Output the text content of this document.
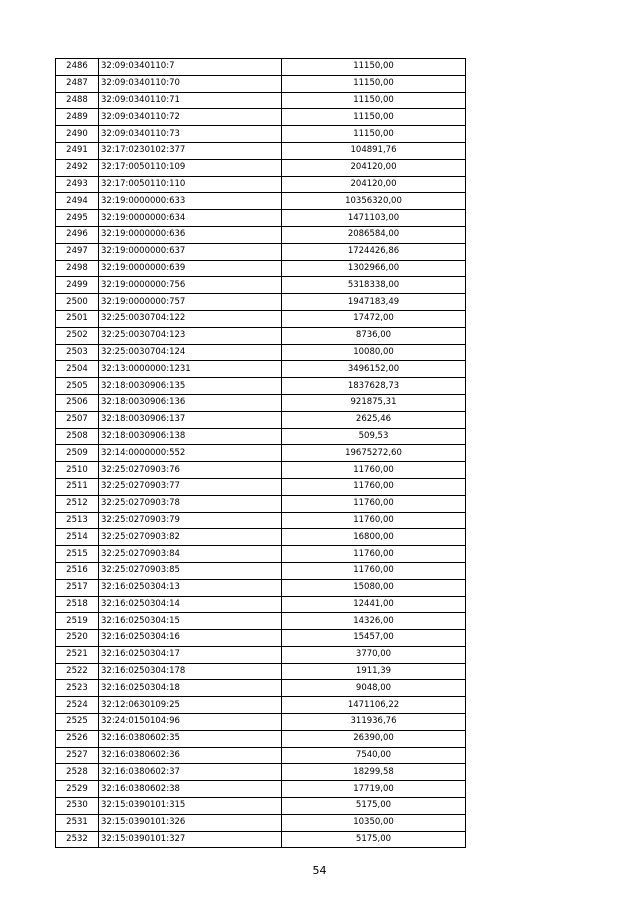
2486	32:09:0340110:7	11150,00
2487	32:09:0340110:70	11150,00
2488	32:09:0340110:71	11150,00
2489	32:09:0340110:72	11150,00
2490	32:09:0340110:73	11150,00
2491	32:17:0230102:377	104891,76
2492	32:17:0050110:109	204120,00
2493	32:17:0050110:110	204120,00
2494	32:19:0000000:633	10356320,00
2495	32:19:0000000:634	1471103,00
2496	32:19:0000000:636	2086584,00
2497	32:19:0000000:637	1724426,86
2498	32:19:0000000:639	1302966,00
2499	32:19:0000000:756	5318338,00
2500	32:19:0000000:757	1947183,49
2501	32:25:0030704:122	17472,00
2502	32:25:0030704:123	8736,00
2503	32:25:0030704:124	10080,00
2504	32:13:0000000:1231	3496152,00
2505	32:18:0030906:135	1837628,73
2506	32:18:0030906:136	921875,31
2507	32:18:0030906:137	2625,46
2508	32:18:0030906:138	509,53
2509	32:14:0000000:552	19675272,60
2510	32:25:0270903:76	11760,00
2511	32:25:0270903:77	11760,00
2512	32:25:0270903:78	11760,00
2513	32:25:0270903:79	11760,00
2514	32:25:0270903:82	16800,00
2515	32:25:0270903:84	11760,00
2516	32:25:0270903:85	11760,00
2517	32:16:0250304:13	15080,00
2518	32:16:0250304:14	12441,00
2519	32:16:0250304:15	14326,00
2520	32:16:0250304:16	15457,00
2521	32:16:0250304:17	3770,00
2522	32:16:0250304:178	1911,39
2523	32:16:0250304:18	9048,00
2524	32:12:0630109:25	1471106,22
2525	32:24:0150104:96	311936,76
2526	32:16:0380602:35	26390,00
2527	32:16:0380602:36	7540,00
2528	32:16:0380602:37	18299,58
2529	32:16:0380602:38	17719,00
2530	32:15:0390101:315	5175,00
2531	32:15:0390101:326	10350,00
2532	32:15:0390101:327	5175,00
54
